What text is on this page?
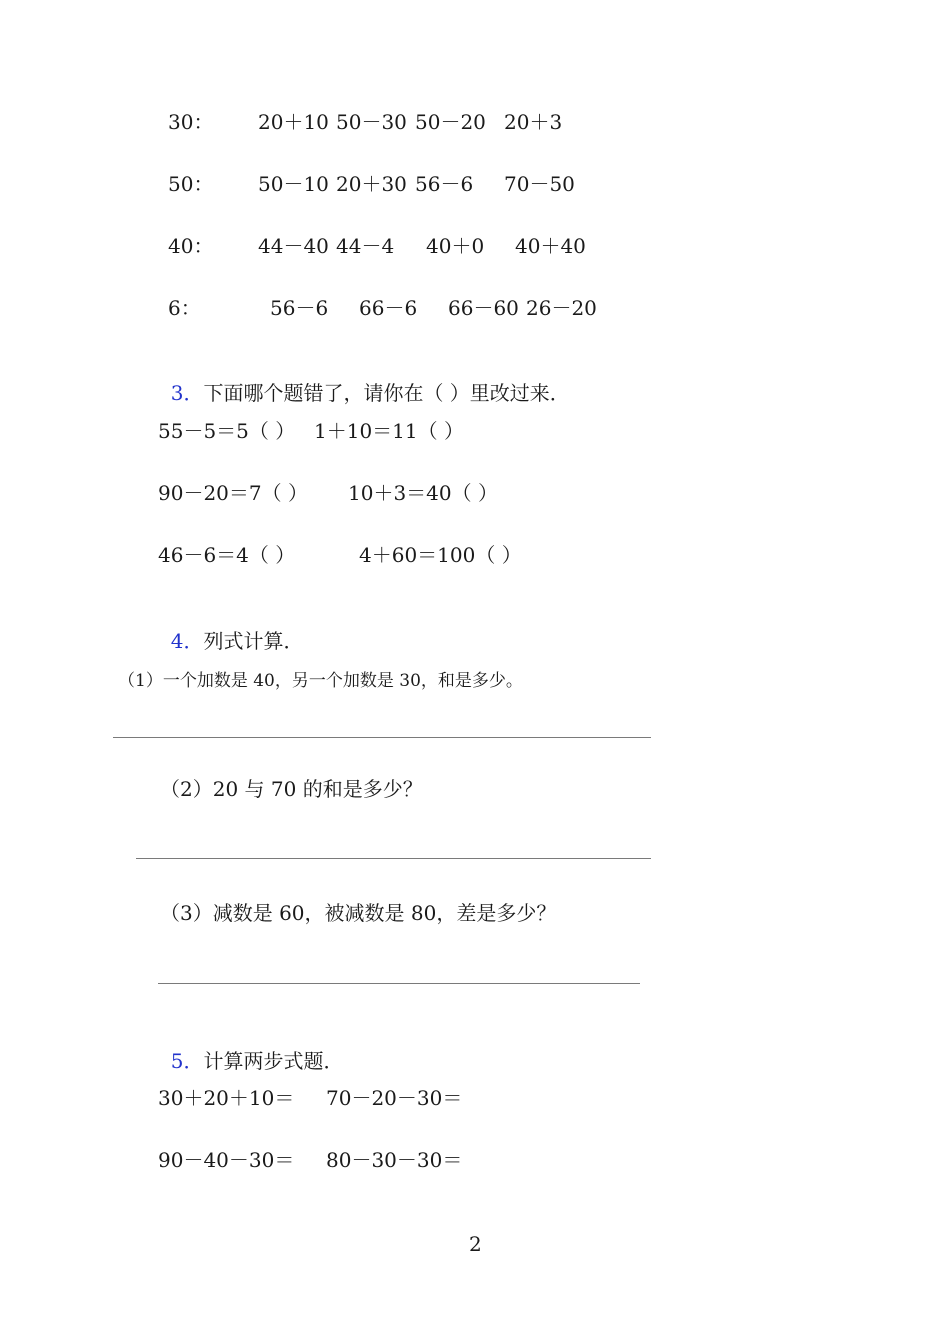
30： 20＋10 50－30 50－20 20＋3
50： 50－10 20＋30 56－6 70－50
40： 44－40 44－4 40＋0 40＋40
6：	56－6 66－6 66－60 26－20

3．下面哪个题错了，请你在（ ）里改过来．

55－5＝5（ ） 1＋10＝11（ ）
90－20＝7（ ） 10＋3＝40（ ）
46－6＝4（ ）	4＋60＝100（ ）

4．列式计算．

（1）一个加数是 40，另一个加数是 30，和是多少。
（2）20 与 70 的和是多少？
（3）减数是 60，被减数是 80，差是多少？

5．计算两步式题．

30＋20＋10＝ 70－20－30＝
90－40－30＝ 80－30－30＝
2
